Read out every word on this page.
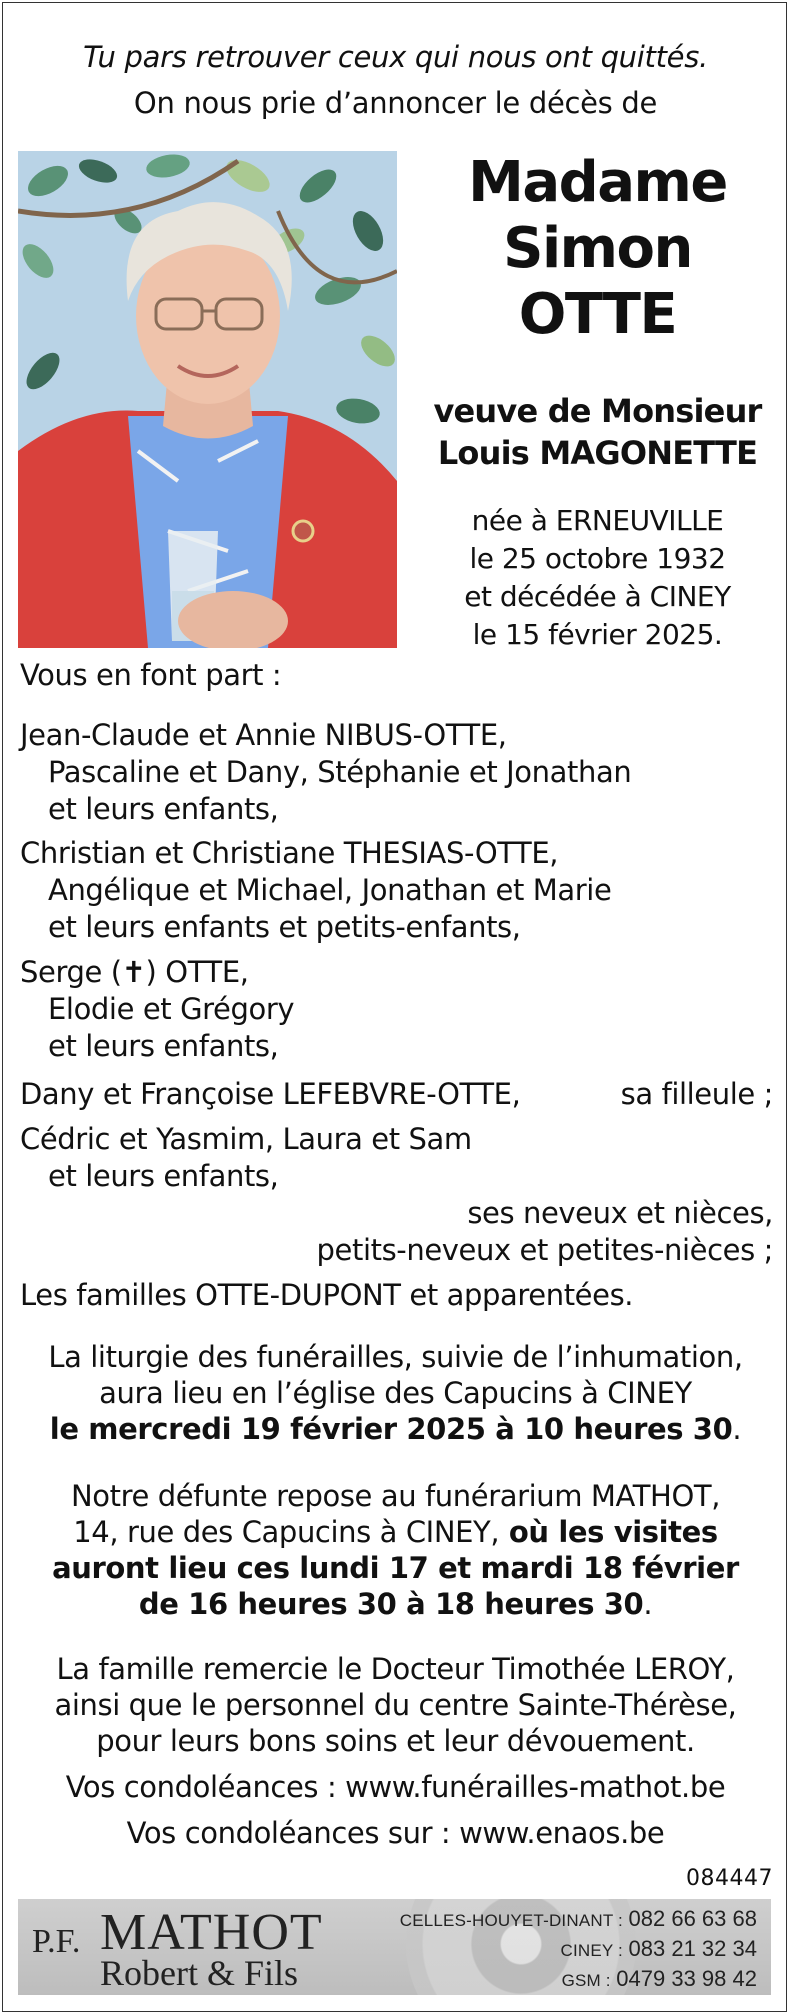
Tu pars retrouver ceux qui nous ont quittés.
On nous prie d’annoncer le décès de
Madame
Simon
OTTE
veuve de Monsieur
Louis MAGONETTE
née à ERNEUVILLE
le 25 octobre 1932
et décédée à CINEY
le 15 février 2025.
Vous en font part :
Jean-Claude et Annie NIBUS-OTTE,
Pascaline et Dany, Stéphanie et Jonathan
et leurs enfants,
Christian et Christiane THESIAS-OTTE,
Angélique et Michael, Jonathan et Marie
et leurs enfants et petits-enfants,
Serge (✝) OTTE,
Elodie et Grégory
et leurs enfants,
Dany et Françoise LEFEBVRE-OTTE,	sa filleule ;
Cédric et Yasmim, Laura et Sam
et leurs enfants,
ses neveux et nièces,
petits-neveux et petites-nièces ;
Les familles OTTE-DUPONT et apparentées.
La liturgie des funérailles, suivie de l’inhumation,
aura lieu en l’église des Capucins à CINEY
le mercredi 19 février 2025 à 10 heures 30.
Notre défunte repose au funérarium MATHOT,
14, rue des Capucins à CINEY, où les visites
auront lieu ces lundi 17 et mardi 18 février
de 16 heures 30 à 18 heures 30.
La famille remercie le Docteur Timothée LEROY,
ainsi que le personnel du centre Sainte-Thérèse,
pour leurs bons soins et leur dévouement.
Vos condoléances : www.funérailles-mathot.be
Vos condoléances sur : www.enaos.be
084447
P.F. MATHOT
Robert & Fils
CELLES-HOUYET-DINANT : 082 66 63 68
CINEY : 083 21 32 34
GSM : 0479 33 98 42
